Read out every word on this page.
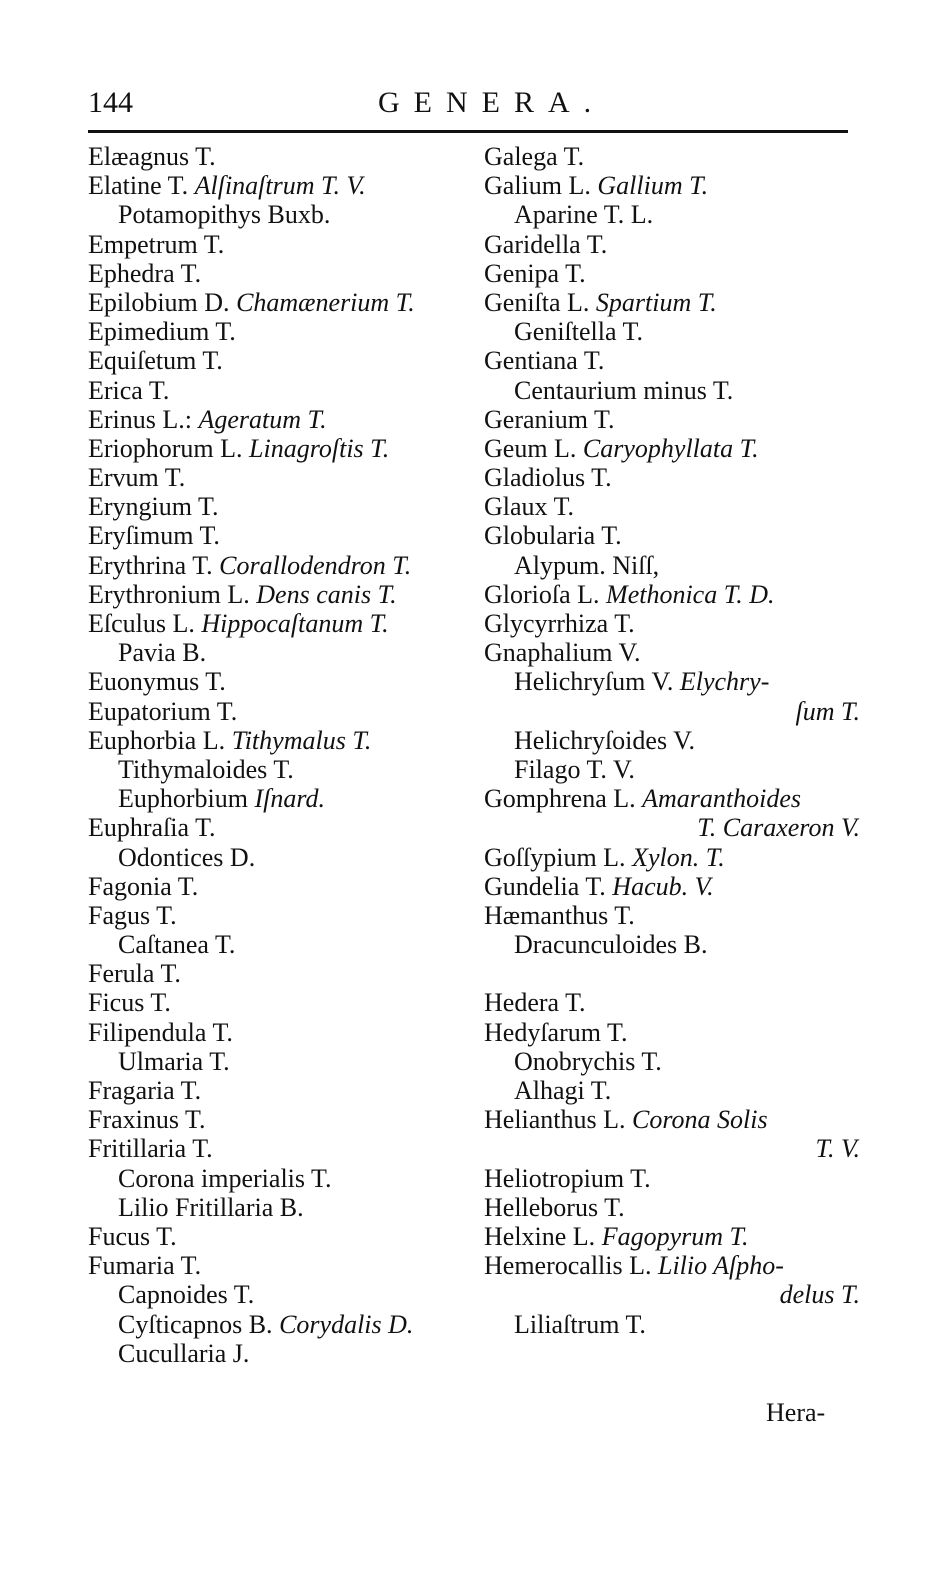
144	GENERA.
Elæagnus T.
Elatine T. Alſinaſtrum T. V.
Potamopithys Buxb.
Empetrum T.
Ephedra T.
Epilobium D. Chamænerium T.
Epimedium T.
Equiſetum T.
Erica T.
Erinus L.: Ageratum T.
Eriophorum L. Linagroſtis T.
Ervum T.
Eryngium T.
Eryſimum T.
Erythrina T. Corallodendron T.
Erythronium L. Dens canis T.
Eſculus L. Hippocaſtanum T.
Pavia B.
Euonymus T.
Eupatorium T.
Euphorbia L. Tithymalus T.
Tithymaloides T.
Euphorbium Iſnard.
Euphraſia T.
Odontices D.
Fagonia T.
Fagus T.
Caſtanea T.
Ferula T.
Ficus T.
Filipendula T.
Ulmaria T.
Fragaria T.
Fraxinus T.
Fritillaria T.
Corona imperialis T.
Lilio Fritillaria B.
Fucus T.
Fumaria T.
Capnoides T.
Cyſticapnos B. Corydalis D.
Cucullaria J.
Galega T.
Galium L. Gallium T.
Aparine T. L.
Garidella T.
Genipa T.
Geniſta L. Spartium T.
Geniſtella T.
Gentiana T.
Centaurium minus T.
Geranium T.
Geum L. Caryophyllata T.
Gladiolus T.
Glaux T.
Globularia T.
Alypum. Niſſ,
Glorioſa L. Methonica T. D.
Glycyrrhiza T.
Gnaphalium V.
Helichryſum V. Elychry-
ſum T.
Helichryſoides V.
Filago T. V.
Gomphrena L. Amaranthoides
T. Caraxeron V.
Goſſypium L. Xylon. T.
Gundelia T. Hacub. V.
Hæmanthus T.
Dracunculoides B.
Hedera T.
Hedyſarum T.
Onobrychis T.
Alhagi T.
Helianthus L. Corona Solis
T. V.
Heliotropium T.
Helleborus T.
Helxine L. Fagopyrum T.
Hemerocallis L. Lilio Aſpho-
delus T.
Liliaſtrum T.
Hera-
